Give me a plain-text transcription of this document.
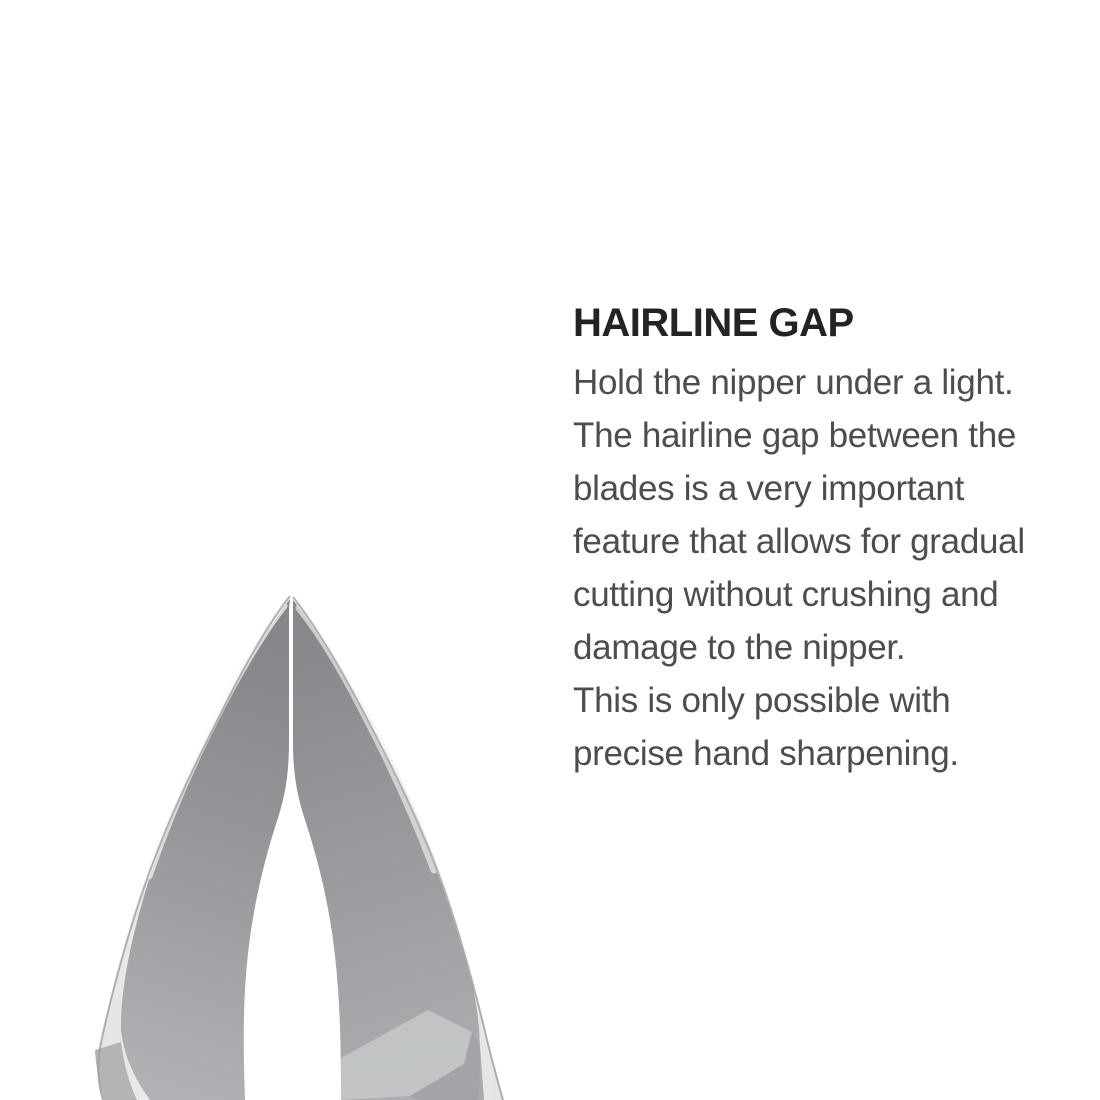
HAIRLINE GAP
Hold the nipper under a light.
The hairline gap between the
blades is a very important
feature that allows for gradual
cutting without crushing and
damage to the nipper.
This is only possible with
precise hand sharpening.
